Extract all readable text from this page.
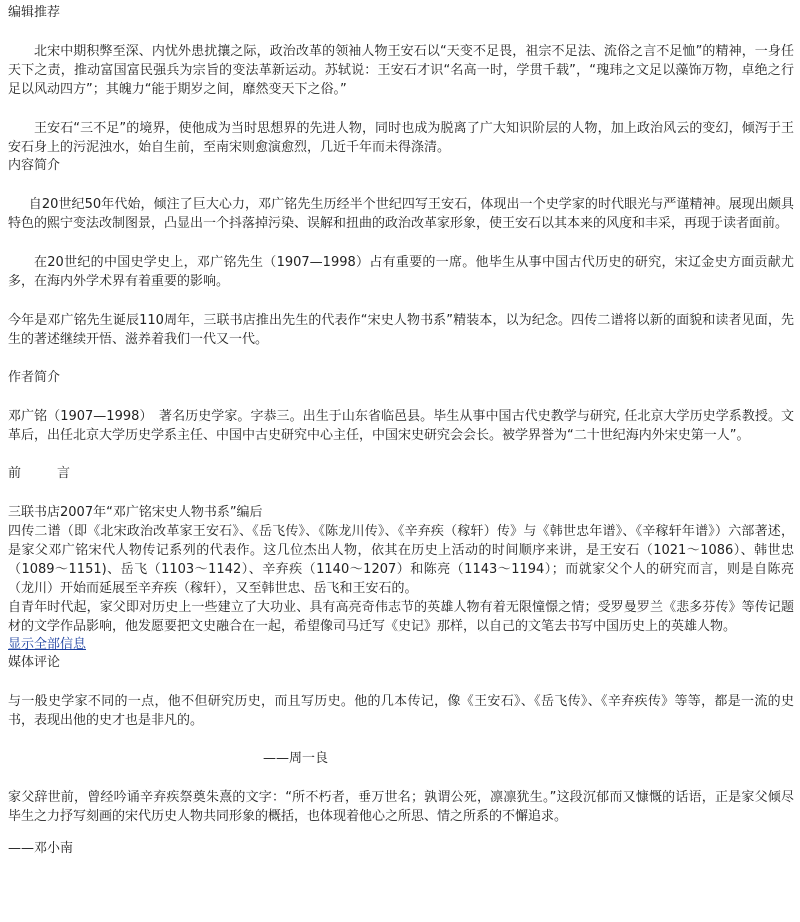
编辑推荐

北宋中期积弊至深、内忧外患扰攘之际，政治改革的领袖人物王安石以“天变不足畏，祖宗不足法、流俗之言不足恤”的精神，一身任天下之责，推动富国富民强兵为宗旨的变法革新运动。苏轼说：王安石才识“名高一时，学贯千载”，“瑰玮之文足以藻饰万物，卓绝之行足以风动四方”；其魄力“能于期岁之间，靡然变天下之俗。”

王安石“三不足”的境界，使他成为当时思想界的先进人物，同时也成为脱离了广大知识阶层的人物，加上政治风云的变幻，倾泻于王安石身上的污泥浊水，始自生前，至南宋则愈演愈烈，几近千年而未得涤清。

内容简介

自20世纪50年代始，倾注了巨大心力，邓广铭先生历经半个世纪四写王安石，体现出一个史学家的时代眼光与严谨精神。展现出颇具特色的熙宁变法改制图景，凸显出一个抖落掉污染、误解和扭曲的政治改革家形象，使王安石以其本来的风度和丰采，再现于读者面前。

在20世纪的中国史学史上，邓广铭先生（1907—1998）占有重要的一席。他毕生从事中国古代历史的研究，宋辽金史方面贡献尤多，在海内外学术界有着重要的影响。

今年是邓广铭先生诞辰110周年，三联书店推出先生的代表作“宋史人物书系”精装本，以为纪念。四传二谱将以新的面貌和读者见面，先生的著述继续开悟、滋养着我们一代又一代。

作者简介

邓广铭（1907—1998）　著名历史学家。字恭三。出生于山东省临邑县。毕生从事中国古代史教学与研究, 任北京大学历史学系教授。文革后，出任北京大学历史学系主任、中国中古史研究中心主任，中国宋史研究会会长。被学界誉为“二十世纪海内外宋史第一人”。

前	言

三联书店2007年“邓广铭宋史人物书系”编后

四传二谱（即《北宋政治改革家王安石》、《岳飞传》、《陈龙川传》、《辛弃疾（稼轩）传》与《韩世忠年谱》、《辛稼轩年谱》）六部著述，是家父邓广铭宋代人物传记系列的代表作。这几位杰出人物，依其在历史上活动的时间顺序来讲，是王安石（1021～1086）、韩世忠（1089～1151)、岳飞（1103～1142）、辛弃疾（1140～1207）和陈亮（1143～1194）；而就家父个人的研究而言，则是自陈亮（龙川）开始而延展至辛弃疾（稼轩），又至韩世忠、岳飞和王安石的。

自青年时代起，家父即对历史上一些建立了大功业、具有高亮奇伟志节的英雄人物有着无限憧憬之情；受罗曼罗兰《悲多芬传》等传记题材的文学作品影响，他发愿要把文史融合在一起，希望像司马迁写《史记》那样，以自己的文笔去书写中国历史上的英雄人物。

显示全部信息
媒体评论

与一般史学家不同的一点，他不但研究历史，而且写历史。他的几本传记，像《王安石》、《岳飞传》、《辛弃疾传》等等，都是一流的史书，表现出他的史才也是非凡的。

——周一良

家父辞世前，曾经吟诵辛弃疾祭奠朱熹的文字：“所不朽者，垂万世名；孰谓公死，凛凛犹生。”这段沉郁而又慷慨的话语，正是家父倾尽毕生之力抒写刻画的宋代历史人物共同形象的概括，也体现着他心之所思、情之所系的不懈追求。

——邓小南
